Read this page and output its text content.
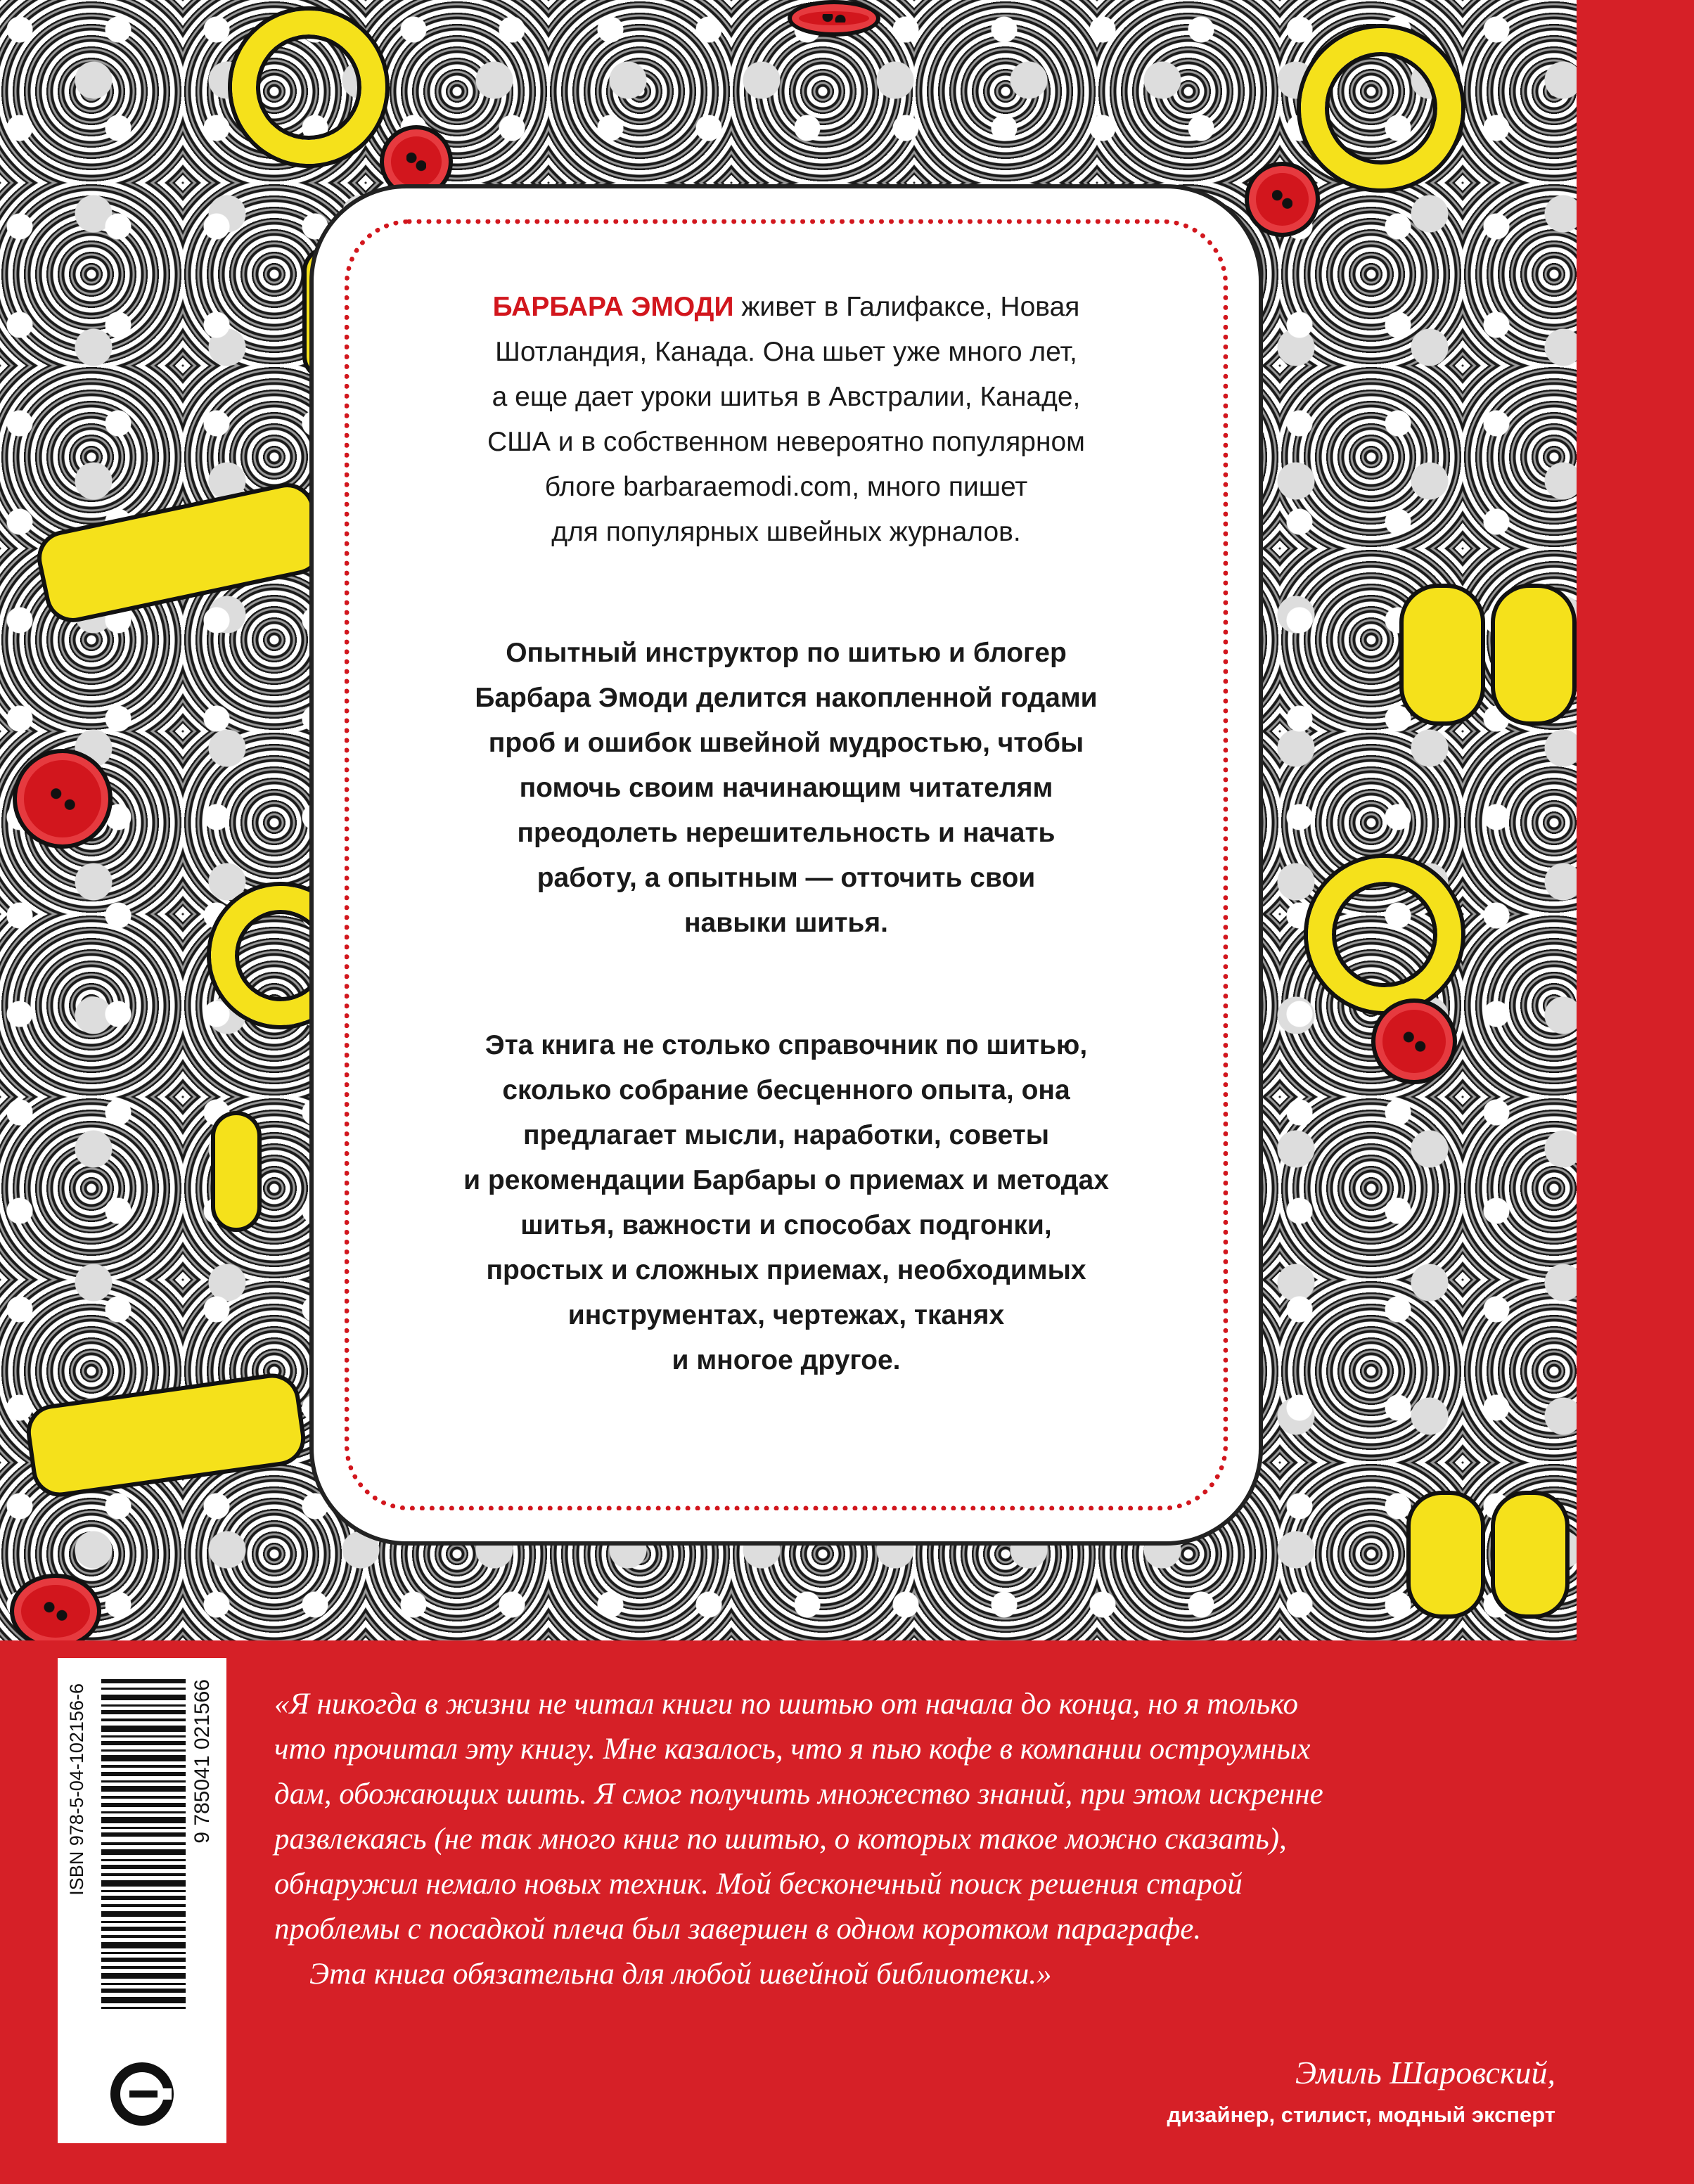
БАРБАРА ЭМОДИ живет в Галифаксе, Новая
Шотландия, Канада. Она шьет уже много лет,
а еще дает уроки шитья в Австралии, Канаде,
США и в собственном невероятно популярном
блоге barbaraemodi.com, много пишет
для популярных швейных журналов.

Опытный инструктор по шитью и блогер
Барбара Эмоди делится накопленной годами
проб и ошибок швейной мудростью, чтобы
помочь своим начинающим читателям
преодолеть нерешительность и начать
работу, а опытным — отточить свои
навыки шитья.

Эта книга не столько справочник по шитью,
сколько собрание бесценного опыта, она
предлагает мысли, наработки, советы
и рекомендации Барбары о приемах и методах
шитья, важности и способах подгонки,
простых и сложных приемах, необходимых
инструментах, чертежах, тканях
и многое другое.

ISBN 978-5-04-102156-6	9 785041 021566 «Я никогда в жизни не читал книги по шитью от начала до конца, но я только

что прочитал эту книгу. Мне казалось, что я пью кофе в компании остроумных

дам, обожающих шить. Я смог получить множество знаний, при этом искренне

развлекаясь (не так много книг по шитью, о которых такое можно сказать),

обнаружил немало новых техник. Мой бесконечный поиск решения старой

проблемы с посадкой плеча был завершен в одном коротком параграфе.

Эта книга обязательна для любой швейной библиотеки.»

Эмиль Шаровский,

дизайнер, стилист, модный эксперт
